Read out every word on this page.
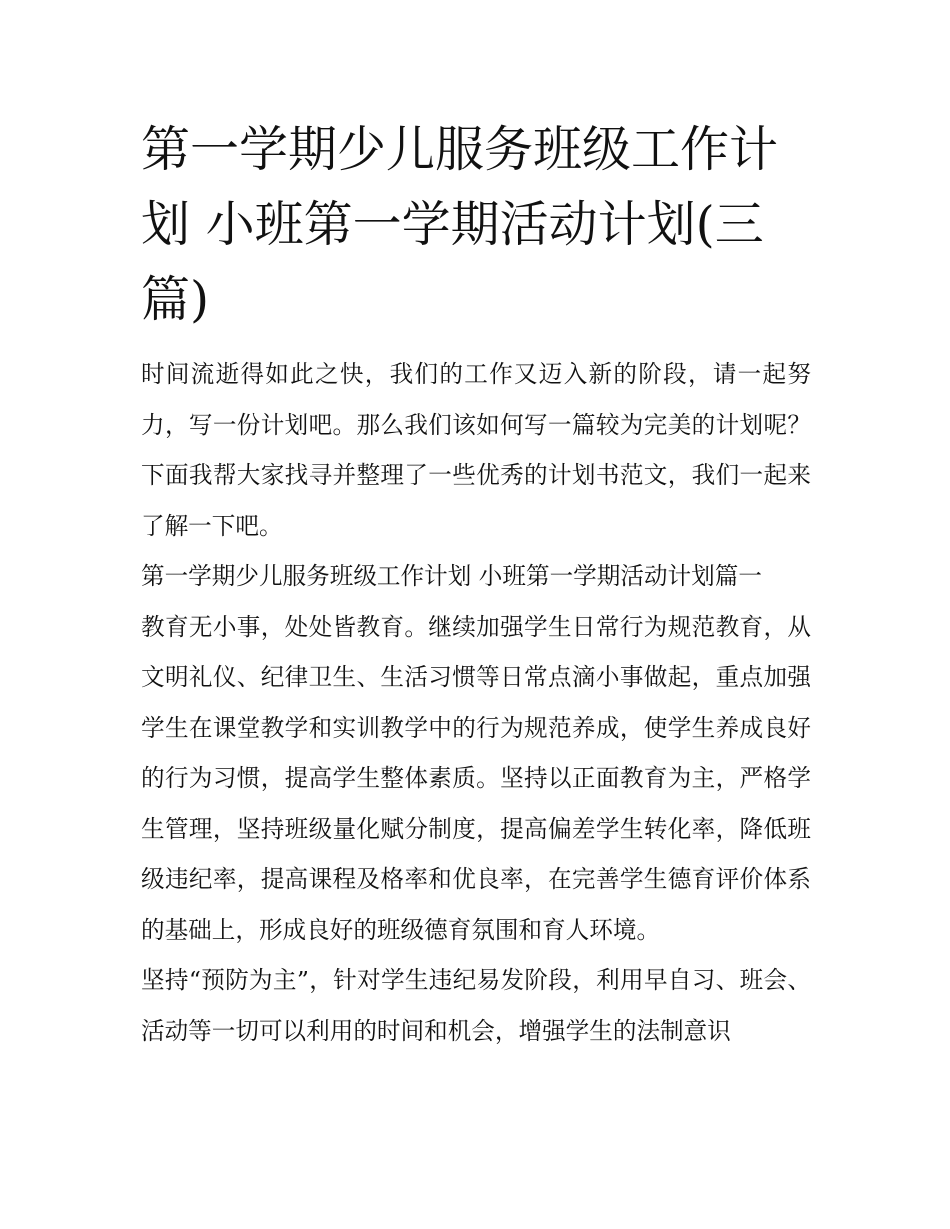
第一学期少儿服务班级工作计划 小班第一学期活动计划(三篇)

时间流逝得如此之快，我们的工作又迈入新的阶段，请一起努力，写一份计划吧。那么我们该如何写一篇较为完美的计划呢？下面我帮大家找寻并整理了一些优秀的计划书范文，我们一起来了解一下吧。

第一学期少儿服务班级工作计划 小班第一学期活动计划篇一

教育无小事，处处皆教育。继续加强学生日常行为规范教育，从文明礼仪、纪律卫生、生活习惯等日常点滴小事做起，重点加强学生在课堂教学和实训教学中的行为规范养成，使学生养成良好的行为习惯，提高学生整体素质。坚持以正面教育为主，严格学生管理，坚持班级量化赋分制度，提高偏差学生转化率，降低班级违纪率，提高课程及格率和优良率，在完善学生德育评价体系的基础上，形成良好的班级德育氛围和育人环境。

坚持“预防为主”，针对学生违纪易发阶段，利用早自习、班会、活动等一切可以利用的时间和机会，增强学生的法制意识
